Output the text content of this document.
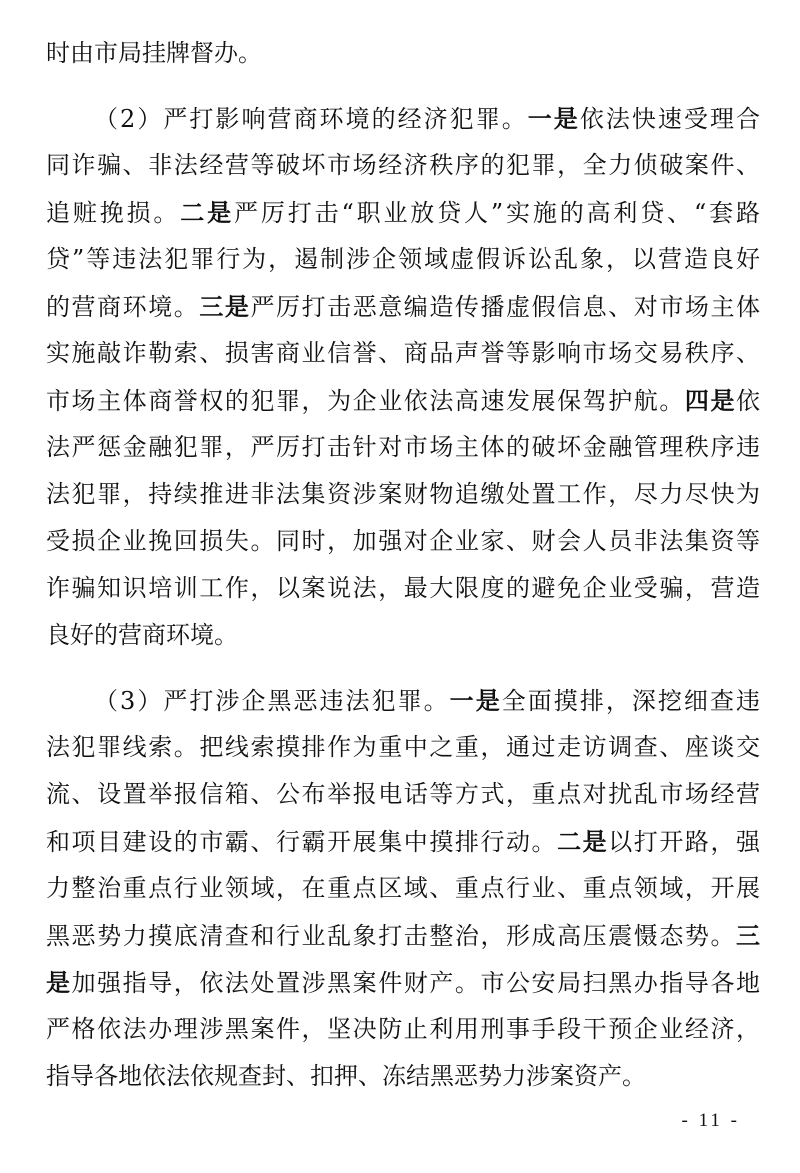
时由市局挂牌督办。
（2）严打影响营商环境的经济犯罪。一是依法快速受理合
同诈骗、非法经营等破坏市场经济秩序的犯罪，全力侦破案件、
追赃挽损。二是严厉打击“职业放贷人”实施的高利贷、“套路
贷”等违法犯罪行为，遏制涉企领域虚假诉讼乱象，以营造良好
的营商环境。三是严厉打击恶意编造传播虚假信息、对市场主体
实施敲诈勒索、损害商业信誉、商品声誉等影响市场交易秩序、
市场主体商誉权的犯罪，为企业依法高速发展保驾护航。四是依
法严惩金融犯罪，严厉打击针对市场主体的破坏金融管理秩序违
法犯罪，持续推进非法集资涉案财物追缴处置工作，尽力尽快为
受损企业挽回损失。同时，加强对企业家、财会人员非法集资等
诈骗知识培训工作，以案说法，最大限度的避免企业受骗，营造
良好的营商环境。
（3）严打涉企黑恶违法犯罪。一是全面摸排，深挖细查违
法犯罪线索。把线索摸排作为重中之重，通过走访调查、座谈交
流、设置举报信箱、公布举报电话等方式，重点对扰乱市场经营
和项目建设的市霸、行霸开展集中摸排行动。二是以打开路，强
力整治重点行业领域，在重点区域、重点行业、重点领域，开展
黑恶势力摸底清查和行业乱象打击整治，形成高压震慑态势。三
是加强指导，依法处置涉黑案件财产。市公安局扫黑办指导各地
严格依法办理涉黑案件，坚决防止利用刑事手段干预企业经济，
指导各地依法依规查封、扣押、冻结黑恶势力涉案资产。
- 11 -
